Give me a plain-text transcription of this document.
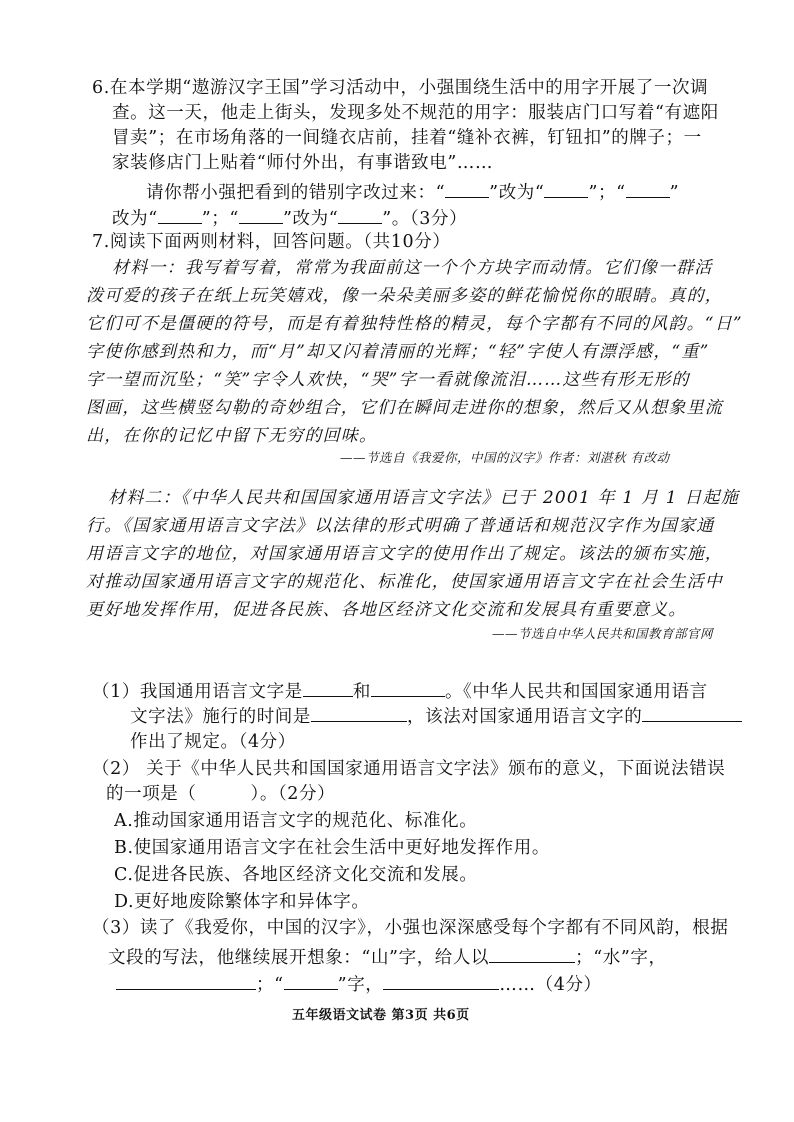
6.在本学期“遨游汉字王国”学习活动中，小强围绕生活中的用字开展了一次调
查。这一天，他走上街头，发现多处不规范的用字：服装店门口写着“有遮阳
冒卖”；在市场角落的一间缝衣店前，挂着“缝补衣裤，钉钮扣”的牌子；一
家装修店门上贴着“师付外出，有事谐致电”……
请你帮小强把看到的错别字改过来：“	”改为“	”；“	”
改为“	”；“	”改为“	”。（3分）
7.阅读下面两则材料，回答问题。（共10分）
材料一：我写着写着，常常为我面前这一个个方块字而动情。它们像一群活
泼可爱的孩子在纸上玩笑嬉戏，像一朵朵美丽多姿的鲜花愉悦你的眼睛。真的，
它们可不是僵硬的符号，而是有着独特性格的精灵，每个字都有不同的风韵。“日”
字使你感到热和力，而“月”却又闪着清丽的光辉；“轻”字使人有漂浮感，“重”
字一望而沉坠；“笑”字令人欢快，“哭”字一看就像流泪……这些有形无形的
图画，这些横竖勾勒的奇妙组合，它们在瞬间走进你的想象，然后又从想象里流
出，在你的记忆中留下无穷的回味。
——节选自《我爱你，中国的汉字》作者：刘湛秋 有改动
材料二：《中华人民共和国国家通用语言文字法》已于 2001 年 1 月 1 日起施
行。《国家通用语言文字法》以法律的形式明确了普通话和规范汉字作为国家通
用语言文字的地位，对国家通用语言文字的使用作出了规定。该法的颁布实施，
对推动国家通用语言文字的规范化、标准化，使国家通用语言文字在社会生活中
更好地发挥作用，促进各民族、各地区经济文化交流和发展具有重要意义。
——节选自中华人民共和国教育部官网
（1）我国通用语言文字是	和	。《中华人民共和国国家通用语言
文字法》施行的时间是	，该法对国家通用语言文字的
作出了规定。（4分）
（2） 关于《中华人民共和国国家通用语言文字法》颁布的意义，下面说法错误
的一项是（	）。（2分）
A.推动国家通用语言文字的规范化、标准化。
B.使国家通用语言文字在社会生活中更好地发挥作用。
C.促进各民族、各地区经济文化交流和发展。
D.更好地废除繁体字和异体字。
（3）读了《我爱你，中国的汉字》，小强也深深感受每个字都有不同风韵，根据
文段的写法，他继续展开想象：“山”字，给人以	；“水”字，
；“	”字，	……（4分）
五年级语文试卷 第3页 共6页
